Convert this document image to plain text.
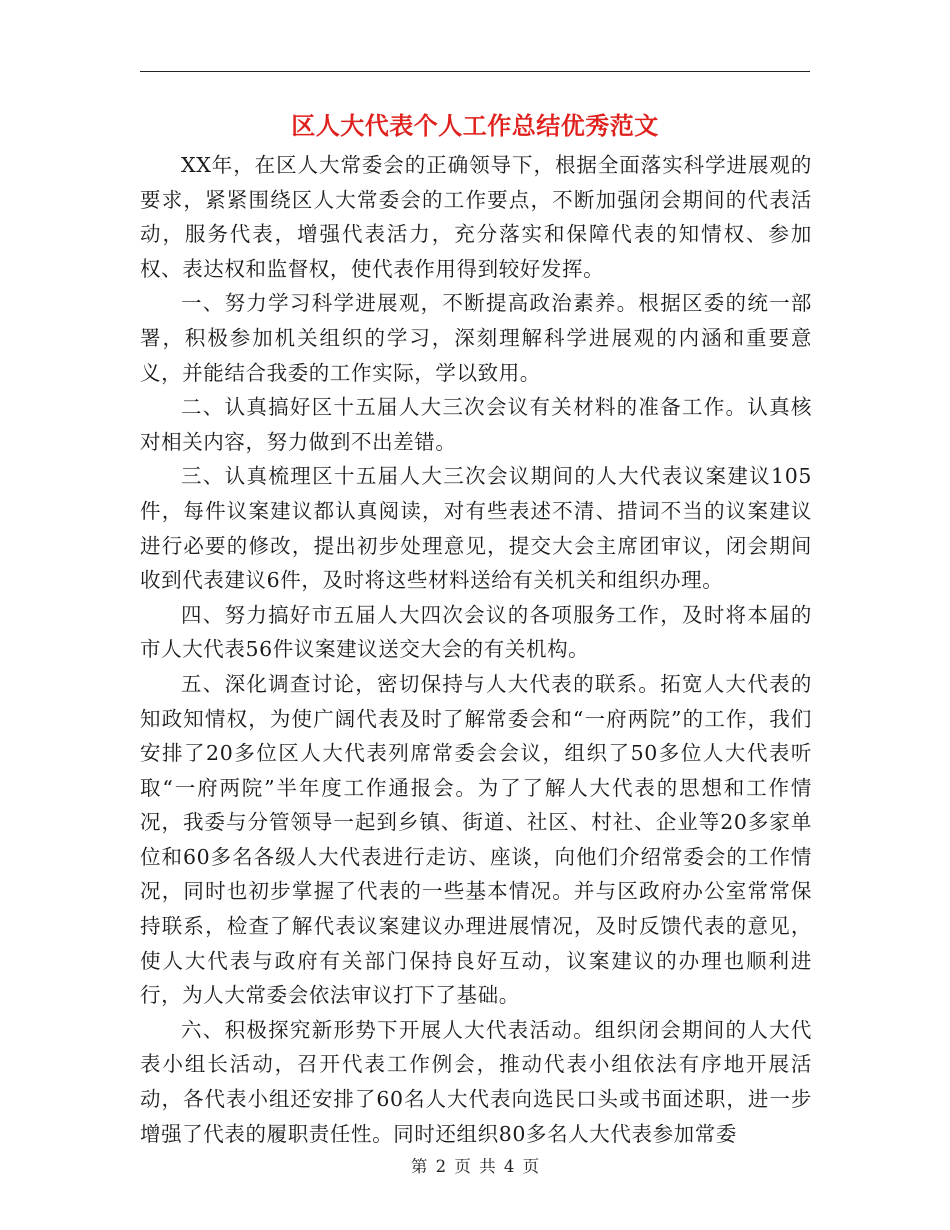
区人大代表个人工作总结优秀范文

XX年，在区人大常委会的正确领导下，根据全面落实科学进展观的要求，紧紧围绕区人大常委会的工作要点，不断加强闭会期间的代表活动，服务代表，增强代表活力，充分落实和保障代表的知情权、参加权、表达权和监督权，使代表作用得到较好发挥。

一、努力学习科学进展观，不断提高政治素养。根据区委的统一部署，积极参加机关组织的学习，深刻理解科学进展观的内涵和重要意义，并能结合我委的工作实际，学以致用。

二、认真搞好区十五届人大三次会议有关材料的准备工作。认真核对相关内容，努力做到不出差错。

三、认真梳理区十五届人大三次会议期间的人大代表议案建议105件，每件议案建议都认真阅读，对有些表述不清、措词不当的议案建议进行必要的修改，提出初步处理意见，提交大会主席团审议，闭会期间收到代表建议6件，及时将这些材料送给有关机关和组织办理。

四、努力搞好市五届人大四次会议的各项服务工作，及时将本届的市人大代表56件议案建议送交大会的有关机构。

五、深化调查讨论，密切保持与人大代表的联系。拓宽人大代表的知政知情权，为使广阔代表及时了解常委会和“一府两院”的工作，我们安排了20多位区人大代表列席常委会会议，组织了50多位人大代表听取“一府两院”半年度工作通报会。为了了解人大代表的思想和工作情况，我委与分管领导一起到乡镇、街道、社区、村社、企业等20多家单位和60多名各级人大代表进行走访、座谈，向他们介绍常委会的工作情况，同时也初步掌握了代表的一些基本情况。并与区政府办公室常常保持联系，检查了解代表议案建议办理进展情况，及时反馈代表的意见，使人大代表与政府有关部门保持良好互动，议案建议的办理也顺利进行，为人大常委会依法审议打下了基础。

六、积极探究新形势下开展人大代表活动。组织闭会期间的人大代表小组长活动，召开代表工作例会，推动代表小组依法有序地开展活动，各代表小组还安排了60名人大代表向选民口头或书面述职，进一步增强了代表的履职责任性。同时还组织80多名人大代表参加常委

第 2 页 共 4 页
